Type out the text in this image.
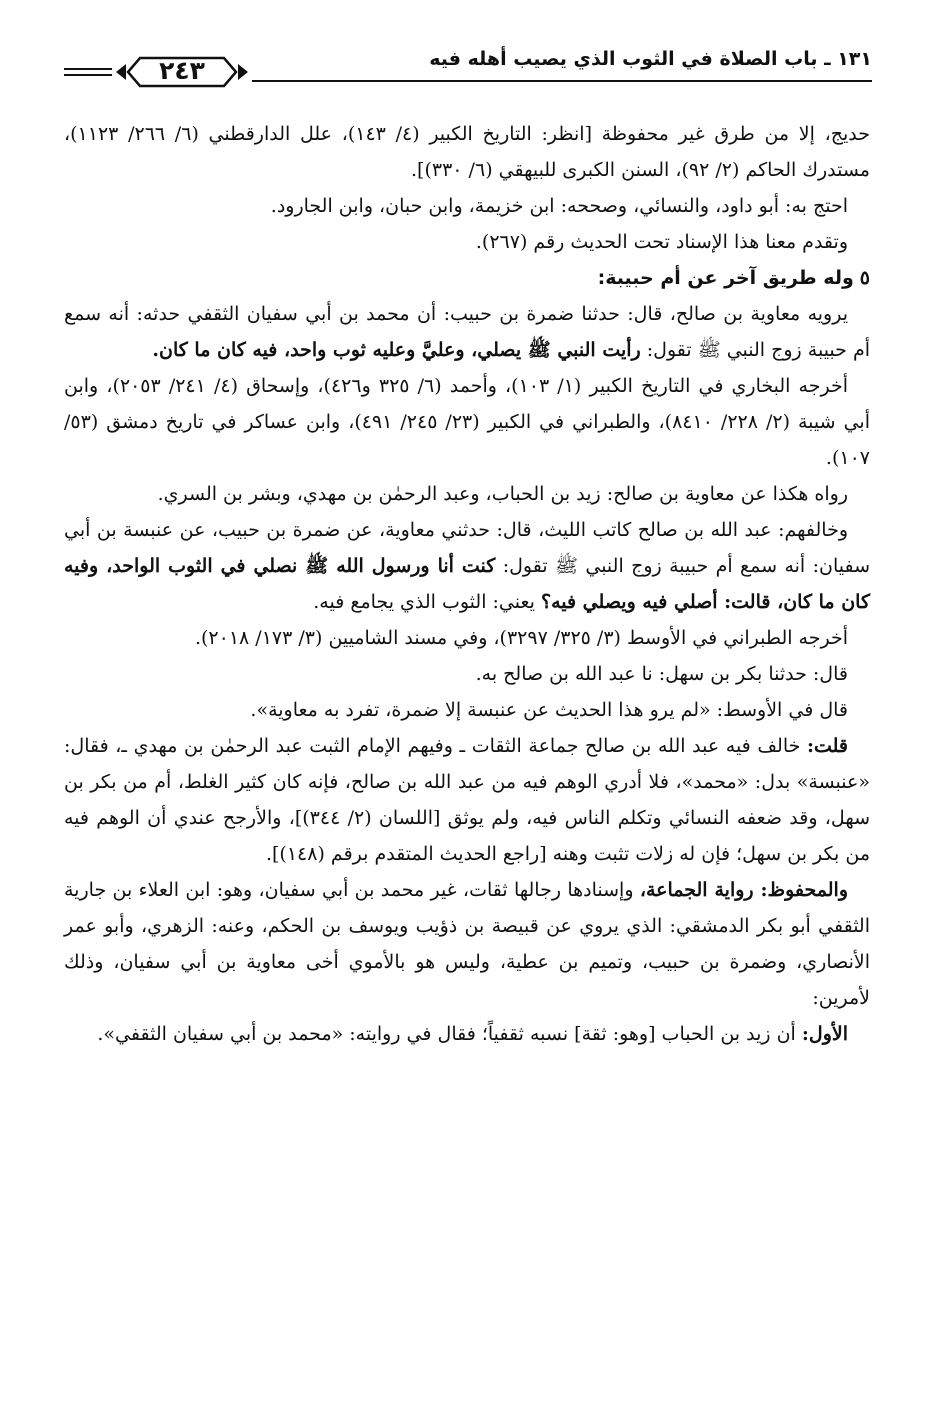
٢٤٣	١٣١ ـ باب الصلاة في الثوب الذي يصيب أهله فيه

حديج، إلا من طرق غير محفوظة [انظر: التاريخ الكبير (٤/ ١٤٣)، علل الدارقطني (٦/ ٢٦٦/ ١١٢٣)، مستدرك الحاكم (٢/ ٩٢)، السنن الكبرى للبيهقي (٦/ ٣٣٠)].

احتج به: أبو داود، والنسائي، وصححه: ابن خزيمة، وابن حبان، وابن الجارود.

وتقدم معنا هذا الإسناد تحت الحديث رقم (٢٦٧).

٥وله طريق آخر عن أم حبيبة:

يرويه معاوية بن صالح، قال: حدثنا ضمرة بن حبيب: أن محمد بن أبي سفيان الثقفي حدثه: أنه سمع أم حبيبة زوج النبي ﷺ تقول: رأيت النبي ﷺ يصلي، وعليَّ وعليه ثوب واحد، فيه كان ما كان.

أخرجه البخاري في التاريخ الكبير (١/ ١٠٣)، وأحمد (٦/ ٣٢٥ و٤٢٦)، وإسحاق (٤/ ٢٤١/ ٢٠٥٣)، وابن أبي شيبة (٢/ ٢٢٨/ ٨٤١٠)، والطبراني في الكبير (٢٣/ ٢٤٥/ ٤٩١)، وابن عساكر في تاريخ دمشق (٥٣/ ١٠٧).

رواه هكذا عن معاوية بن صالح: زيد بن الحباب، وعبد الرحمٰن بن مهدي، وبشر بن السري.

وخالفهم: عبد الله بن صالح كاتب الليث، قال: حدثني معاوية، عن ضمرة بن حبيب، عن عنبسة بن أبي سفيان: أنه سمع أم حبيبة زوج النبي ﷺ تقول: كنت أنا ورسول الله ﷺ نصلي في الثوب الواحد، وفيه كان ما كان، قالت: أصلي فيه ويصلي فيه؟ يعني: الثوب الذي يجامع فيه.

أخرجه الطبراني في الأوسط (٣/ ٣٢٥/ ٣٢٩٧)، وفي مسند الشاميين (٣/ ١٧٣/ ٢٠١٨).

قال: حدثنا بكر بن سهل: نا عبد الله بن صالح به.

قال في الأوسط: «لم يرو هذا الحديث عن عنبسة إلا ضمرة، تفرد به معاوية».

قلت: خالف فيه عبد الله بن صالح جماعة الثقات ـ وفيهم الإمام الثبت عبد الرحمٰن بن مهدي ـ، فقال: «عنبسة» بدل: «محمد»، فلا أدري الوهم فيه من عبد الله بن صالح، فإنه كان كثير الغلط، أم من بكر بن سهل، وقد ضعفه النسائي وتكلم الناس فيه، ولم يوثق [اللسان (٢/ ٣٤٤)]، والأرجح عندي أن الوهم فيه من بكر بن سهل؛ فإن له زلات تثبت وهنه [راجع الحديث المتقدم برقم (١٤٨)].

والمحفوظ: رواية الجماعة، وإسنادها رجالها ثقات، غير محمد بن أبي سفيان، وهو: ابن العلاء بن جارية الثقفي أبو بكر الدمشقي: الذي يروي عن قبيصة بن ذؤيب ويوسف بن الحكم، وعنه: الزهري، وأبو عمر الأنصاري، وضمرة بن حبيب، وتميم بن عطية، وليس هو بالأموي أخى معاوية بن أبي سفيان، وذلك لأمرين:

الأول: أن زيد بن الحباب [وهو: ثقة] نسبه ثقفياً؛ فقال في روايته: «محمد بن أبي سفيان الثقفي».
